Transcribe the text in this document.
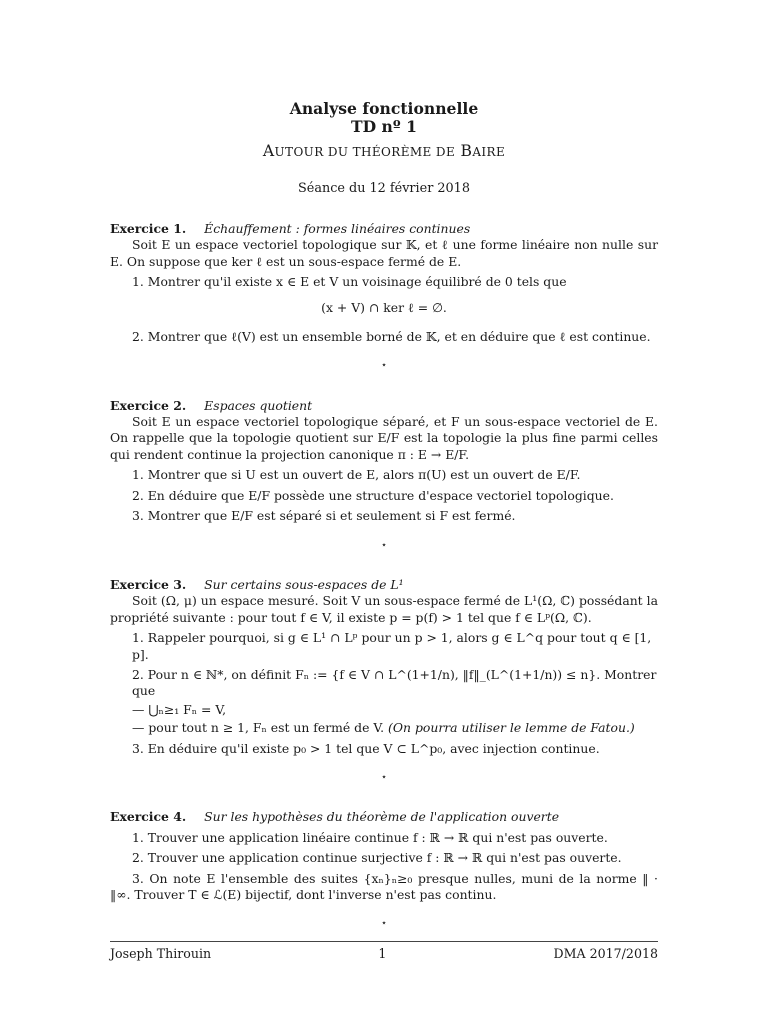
Analyse fonctionnelle
TD nº 1
AUTOUR DU THÉORÈME DE BAIRE
Séance du 12 février 2018
Exercice 1. Échauffement : formes linéaires continues

Soit E un espace vectoriel topologique sur 𝕂, et ℓ une forme linéaire non nulle sur E. On suppose que ker ℓ est un sous-espace fermé de E.

1. Montrer qu'il existe x ∈ E et V un voisinage équilibré de 0 tels que
(x + V) ∩ ker ℓ = ∅.
2. Montrer que ℓ(V) est un ensemble borné de 𝕂, et en déduire que ℓ est continue.
⋆
Exercice 2. Espaces quotient

Soit E un espace vectoriel topologique séparé, et F un sous-espace vectoriel de E. On rappelle que la topologie quotient sur E/F est la topologie la plus fine parmi celles qui rendent continue la projection canonique π : E → E/F.

1. Montrer que si U est un ouvert de E, alors π(U) est un ouvert de E/F.
2. En déduire que E/F possède une structure d'espace vectoriel topologique.
3. Montrer que E/F est séparé si et seulement si F est fermé.
⋆
Exercice 3. Sur certains sous-espaces de L¹

Soit (Ω, μ) un espace mesuré. Soit V un sous-espace fermé de L¹(Ω, ℂ) possédant la propriété suivante : pour tout f ∈ V, il existe p = p(f) > 1 tel que f ∈ Lᵖ(Ω, ℂ).

1. Rappeler pourquoi, si g ∈ L¹ ∩ Lᵖ pour un p > 1, alors g ∈ L^q pour tout q ∈ [1, p].
2. Pour n ∈ ℕ*, on définit Fₙ := {f ∈ V ∩ L^(1+1/n), ‖f‖_(L^(1+1/n)) ≤ n}. Montrer que
— ⋃ₙ≥₁ Fₙ = V,
— pour tout n ≥ 1, Fₙ est un fermé de V. (On pourra utiliser le lemme de Fatou.)
3. En déduire qu'il existe p₀ > 1 tel que V ⊂ L^p₀, avec injection continue.
⋆
Exercice 4. Sur les hypothèses du théorème de l'application ouverte
1. Trouver une application linéaire continue f : ℝ → ℝ qui n'est pas ouverte.
2. Trouver une application continue surjective f : ℝ → ℝ qui n'est pas ouverte.

3. On note E l'ensemble des suites {xₙ}ₙ≥₀ presque nulles, muni de la norme ‖ · ‖∞. Trouver T ∈ ℒ(E) bijectif, dont l'inverse n'est pas continu.

⋆
Joseph Thirouin	1	DMA 2017/2018
